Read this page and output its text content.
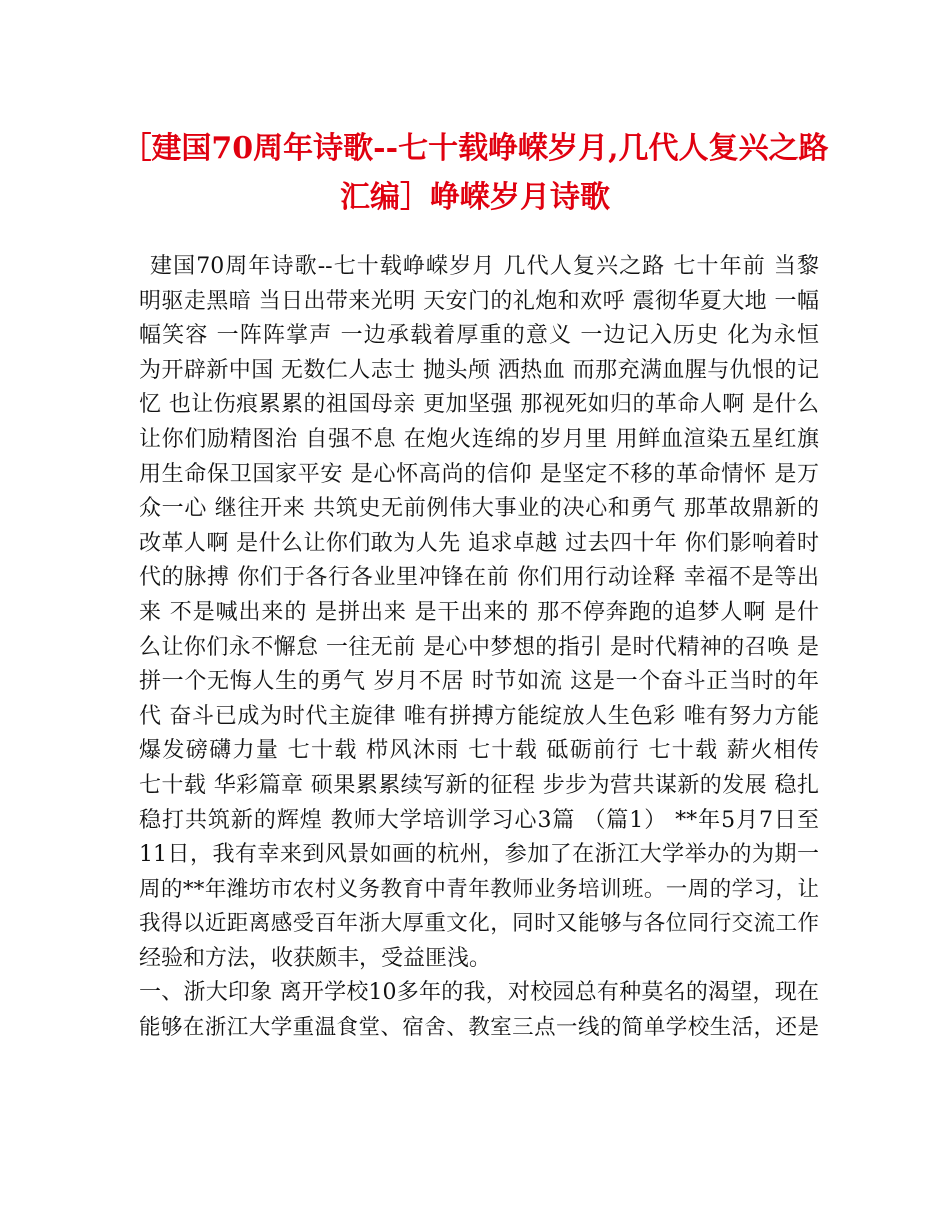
［建国70周年诗歌--七十载峥嵘岁月,几代人复兴之路
汇编］峥嵘岁月诗歌
建国70周年诗歌--七十载峥嵘岁月 几代人复兴之路 七十年前 当黎
明驱走黑暗 当日出带来光明 天安门的礼炮和欢呼 震彻华夏大地 一幅
幅笑容 一阵阵掌声 一边承载着厚重的意义 一边记入历史 化为永恒
为开辟新中国 无数仁人志士 抛头颅 洒热血 而那充满血腥与仇恨的记
忆 也让伤痕累累的祖国母亲 更加坚强 那视死如归的革命人啊 是什么
让你们励精图治 自强不息 在炮火连绵的岁月里 用鲜血渲染五星红旗
用生命保卫国家平安 是心怀高尚的信仰 是坚定不移的革命情怀 是万
众一心 继往开来 共筑史无前例伟大事业的决心和勇气 那革故鼎新的
改革人啊 是什么让你们敢为人先 追求卓越 过去四十年 你们影响着时
代的脉搏 你们于各行各业里冲锋在前 你们用行动诠释 幸福不是等出
来 不是喊出来的 是拼出来 是干出来的 那不停奔跑的追梦人啊 是什
么让你们永不懈怠 一往无前 是心中梦想的指引 是时代精神的召唤 是
拼一个无悔人生的勇气 岁月不居 时节如流 这是一个奋斗正当时的年
代 奋斗已成为时代主旋律 唯有拼搏方能绽放人生色彩 唯有努力方能
爆发磅礴力量 七十载 栉风沐雨 七十载 砥砺前行 七十载 薪火相传
七十载 华彩篇章 硕果累累续写新的征程 步步为营共谋新的发展 稳扎
稳打共筑新的辉煌 教师大学培训学习心3篇 （篇1） **年5月7日至
11日，我有幸来到风景如画的杭州，参加了在浙江大学举办的为期一
周的**年潍坊市农村义务教育中青年教师业务培训班。一周的学习，让
我得以近距离感受百年浙大厚重文化，同时又能够与各位同行交流工作
经验和方法，收获颇丰，受益匪浅。
一、浙大印象 离开学校10多年的我，对校园总有种莫名的渴望，现在
能够在浙江大学重温食堂、宿舍、教室三点一线的简单学校生活，还是
